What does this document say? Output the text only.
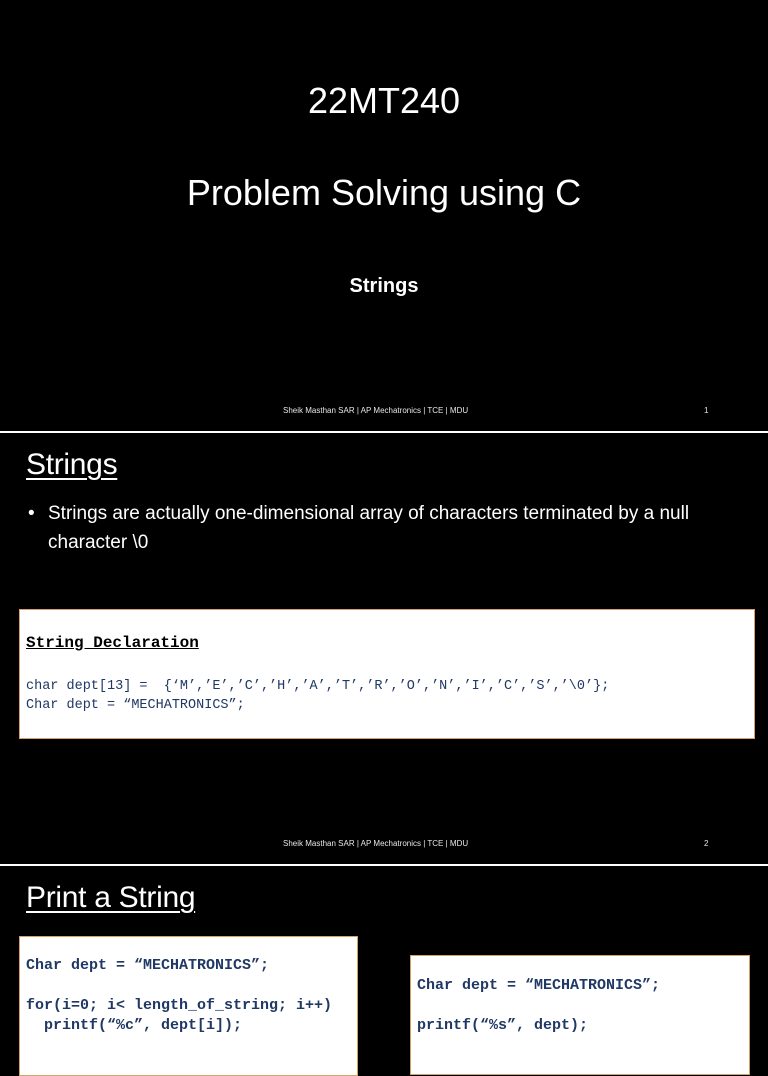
22MT240
Problem Solving using C
Strings
Sheik Masthan SAR | AP Mechatronics | TCE | MDU	1
Strings
• Strings are actually one-dimensional array of characters terminated by a null character \0
String Declaration
char dept[13] =  {‘M’,’E’,’C’,’H’,’A’,’T’,’R’,’O’,’N’,’I’,’C’,’S’,’\0’};
Char dept = “MECHATRONICS”;
Sheik Masthan SAR | AP Mechatronics | TCE | MDU	2
Print a String
Char dept = “MECHATRONICS”;
for(i=0; i< length_of_string; i++)
printf(“%c”, dept[i]);
Char dept = “MECHATRONICS”;
printf(“%s”, dept);
